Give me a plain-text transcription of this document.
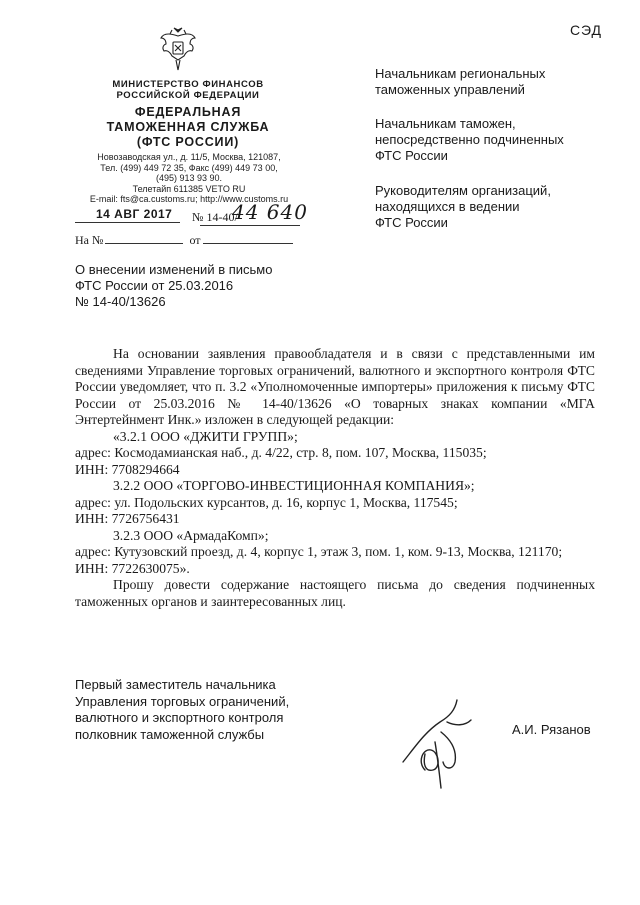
СЭД
МИНИСТЕРСТВО ФИНАНСОВ
РОССИЙСКОЙ ФЕДЕРАЦИИ
ФЕДЕРАЛЬНАЯ
ТАМОЖЕННАЯ СЛУЖБА
(ФТС РОССИИ)
Новозаводская ул., д. 11/5, Москва, 121087,
Тел. (499) 449 72 35, Факс (499) 449 73 00,
(495) 913 93 90.
Телетайп 611385 VETO RU
E-mail: fts@ca.customs.ru; http://www.customs.ru
14 АВГ 2017 № 14-40/
44 640
На №	от
Начальникам региональных
таможенных управлений
Начальникам таможен,
непосредственно подчиненных
ФТС России
Руководителям организаций,
находящихся в ведении
ФТС России
О внесении изменений в письмо
ФТС России от 25.03.2016
№ 14-40/13626

На основании заявления правообладателя и в связи с представленными им сведениями Управление торговых ограничений, валютного и экспортного контроля ФТС России уведомляет, что п. 3.2 «Уполномоченные импортеры» приложения к письму ФТС России от 25.03.2016 № 14-40/13626 «О товарных знаках компании «МГА Энтертейнмент Инк.» изложен в следующей редакции:

«3.2.1 ООО «ДЖИТИ ГРУПП»;

адрес: Космодамианская наб., д. 4/22, стр. 8, пом. 107, Москва, 115035;

ИНН: 7708294664

3.2.2 ООО «ТОРГОВО-ИНВЕСТИЦИОННАЯ КОМПАНИЯ»;

адрес: ул. Подольских курсантов, д. 16, корпус 1, Москва, 117545;

ИНН: 7726756431

3.2.3 ООО «АрмадаКомп»;

адрес: Кутузовский проезд, д. 4, корпус 1, этаж 3, пом. 1, ком. 9-13, Москва, 121170;

ИНН: 7722630075».

Прошу довести содержание настоящего письма до сведения подчиненных таможенных органов и заинтересованных лиц.

Первый заместитель начальника
Управления торговых ограничений,
валютного и экспортного контроля
полковник таможенной службы	А.И. Рязанов
